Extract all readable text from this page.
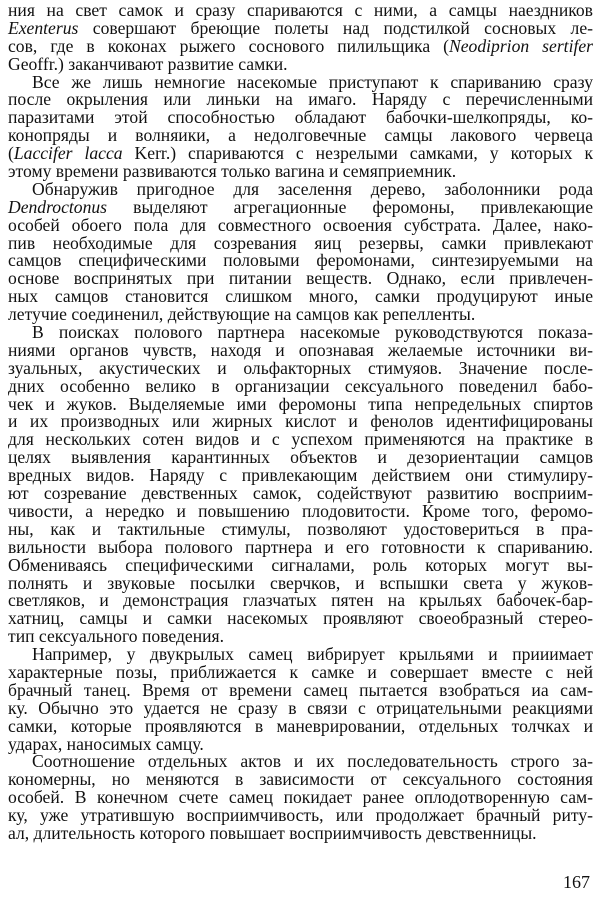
ния на свет самок и сразу спариваются с ними, а самцы наездников
Exenterus совершают бреющие полеты над подстилкой сосновых ле-
сов, где в коконах рыжего соснового пилильщика (Neodiprion sertifer
Geoffr.) заканчивают развитие самки.
Все же лишь немногие насекомые приступают к спариванию сразу
после окрыления или линьки на имаго. Наряду с перечисленными
паразитами этой способностью обладают бабочки-шелкопряды, ко-
конопряды и волняики, а недолговечные самцы лакового червеца
(Laccifer lacca Kerr.) спариваются с незрелыми самками, у которых к
этому времени развиваются только вагина и семяприемник.
Обнаружив пригодное для заселення дерево, заболонники рода
Dendroctonus выделяют агрегационные феромоны, привлекающие
особей обоего пола для совместного освоения субстрата. Далее, нако-
пив необходимые для созревания яиц резервы, самки привлекают
самцов специфическими половыми феромонами, синтезируемыми на
основе воспринятых при питании веществ. Однако, если привлечен-
ных самцов становится слишком много, самки продуцируют иные
летучие соединенил, действующие на самцов как репелленты.
В поисках полового партнера насекомые руководствуются показа-
ниями органов чувств, находя и опознавая желаемые источники ви-
зуальных, акустических и ольфакторных стимуяов. Значение после-
дних особенно велико в организации сексуального поведенил бабо-
чек и жуков. Выделяемые ими феромоны типа непредельных спиртов
и их производных или жирных кислот и фенолов идентифицированы
для нескольких сотен видов и с успехом применяются на практике в
целях выявления карантинных объектов и дезориентации самцов
вредных видов. Наряду с привлекающим действием они стимулиру-
ют созревание девственных самок, содействуют развитию восприим-
чивости, а нередко и повышению плодовитости. Кроме того, феромо-
ны, как и тактильные стимулы, позволяют удостовериться в пра-
вильности выбора полового партнера и его готовности к спариванию.
Обмениваясь специфическими сигналами, роль которых могут вы-
полнять и звуковые посылки сверчков, и вспышки света у жуков-
светляков, и демонстрация глазчатых пятен на крыльях бабочек-бар-
хатниц, самцы и самки насекомых проявляют своеобразный стерео-
тип сексуального поведения.
Например, у двукрылых самец вибрирует крыльями и прииимает
характерные позы, приближается к самке и совершает вместе с ней
брачный танец. Время от времени самец пытается взобраться иа сам-
ку. Обычно это удается не сразу в связи с отрицательными реакциями
самки, которые проявляются в маневрировании, отдельных толчках и
ударах, наносимых самцу.
Соотношение отдельных актов и их последовательность строго за-
кономерны, но меняются в зависимости от сексуального состояния
особей. В конечном счете самец покидает ранее оплодотворенную сам-
ку, уже утратившую восприимчивость, или продолжает брачный риту-
ал, длительность которого повышает восприимчивость девственницы.
167
